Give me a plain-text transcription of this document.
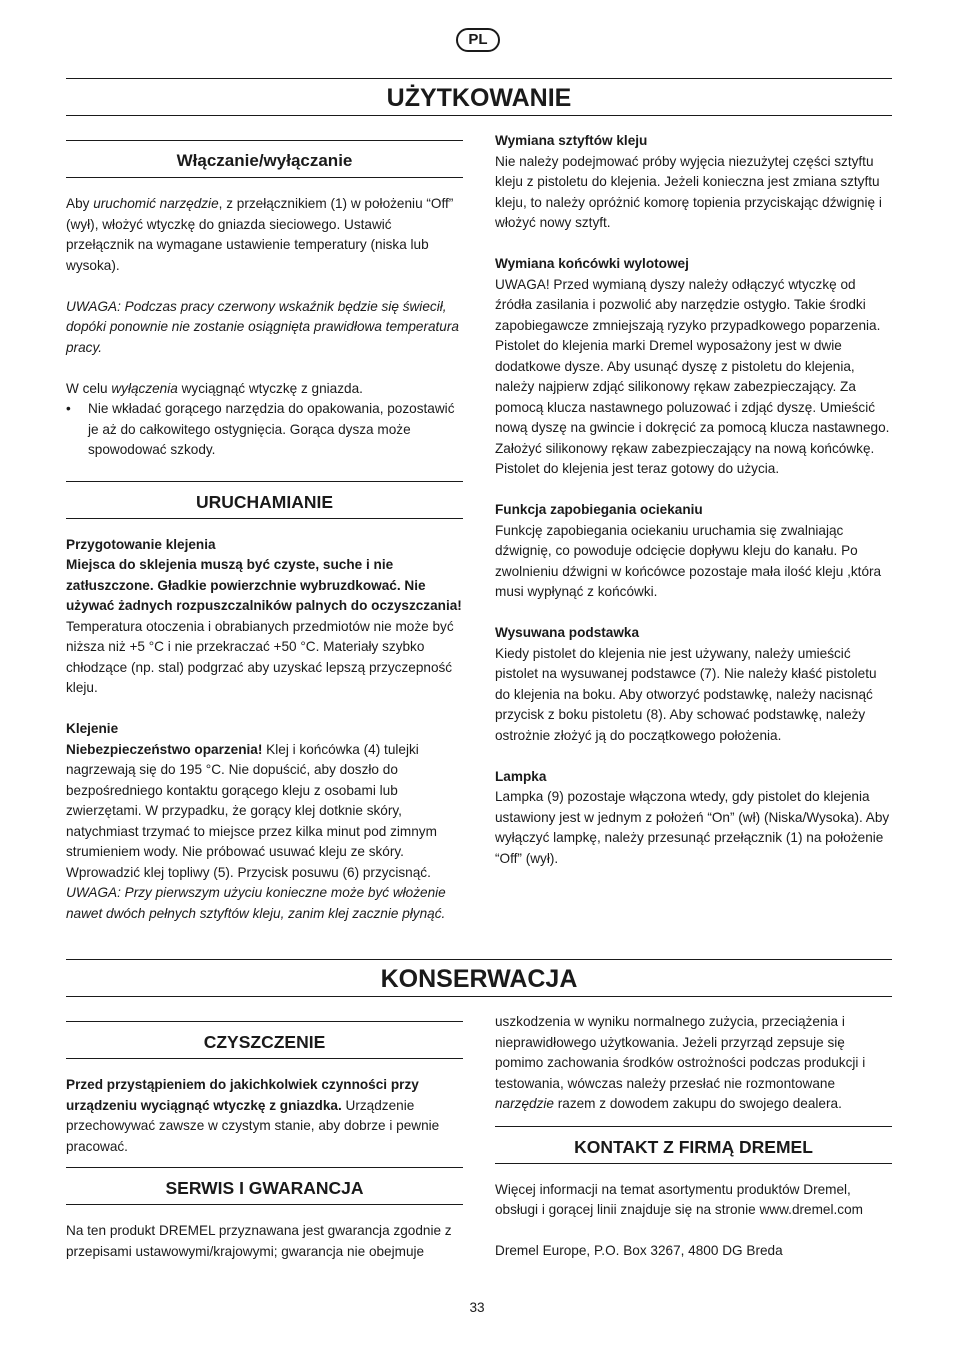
PL
UŻYTKOWANIE
Włączanie/wyłączanie

Aby uruchomić narzędzie, z przełącznikiem (1) w położeniu “Off” (wył), włożyć wtyczkę do gniazda sieciowego. Ustawić przełącznik na wymagane ustawienie temperatury (niska lub wysoka).

UWAGA: Podczas pracy czerwony wskaźnik będzie się świecił, dopóki ponownie nie zostanie osiągnięta prawidłowa temperatura pracy.

W celu wyłączenia wyciągnąć wtyczkę z gniazda.

• Nie wkładać gorącego narzędzia do opakowania, pozostawić je aż do całkowitego ostygnięcia. Gorąca dysza może spowodować szkody.

URUCHAMIANIE

Przygotowanie klejenia

Miejsca do sklejenia muszą być czyste, suche i nie zatłuszczone. Gładkie powierzchnie wybruzdkować. Nie używać żadnych rozpuszczalników palnych do oczyszczania! Temperatura otoczenia i obrabianych przedmiotów nie może być niższa niż +5 °C i nie przekraczać +50 °C. Materiały szybko chłodzące (np. stal) podgrzać aby uzyskać lepszą przyczepność kleju.

Klejenie

Niebezpieczeństwo oparzenia! Klej i końcówka (4) tulejki nagrzewają się do 195 °C. Nie dopuścić, aby doszło do bezpośredniego kontaktu gorącego kleju z osobami lub zwierzętami. W przypadku, że gorący klej dotknie skóry, natychmiast trzymać to miejsce przez kilka minut pod zimnym strumieniem wody. Nie próbować usuwać kleju ze skóry. Wprowadzić klej topliwy (5). Przycisk posuwu (6) przycisnąć.

UWAGA: Przy pierwszym użyciu konieczne może być włożenie nawet dwóch pełnych sztyftów kleju, zanim klej zacznie płynąć.

Wymiana sztyftów kleju

Nie należy podejmować próby wyjęcia niezużytej części sztyftu kleju z pistoletu do klejenia. Jeżeli konieczna jest zmiana sztyftu kleju, to należy opróżnić komorę topienia przyciskając dźwignię i włożyć nowy sztyft.

Wymiana końcówki wylotowej

UWAGA! Przed wymianą dyszy należy odłączyć wtyczkę od źródła zasilania i pozwolić aby narzędzie ostygło. Takie środki zapobiegawcze zmniejszają ryzyko przypadkowego poparzenia.

Pistolet do klejenia marki Dremel wyposażony jest w dwie dodatkowe dysze. Aby usunąć dyszę z pistoletu do klejenia, należy najpierw zdjąć silikonowy rękaw zabezpieczający. Za pomocą klucza nastawnego poluzować i zdjąć dyszę. Umieścić nową dyszę na gwincie i dokręcić za pomocą klucza nastawnego. Założyć silikonowy rękaw zabezpieczający na nową końcówkę. Pistolet do klejenia jest teraz gotowy do użycia.

Funkcja zapobiegania ociekaniu

Funkcję zapobiegania ociekaniu uruchamia się zwalniając dźwignię, co powoduje odcięcie dopływu kleju do kanału. Po zwolnieniu dźwigni w końcówce pozostaje mała ilość kleju ,która musi wypłynąć z końcówki.

Wysuwana podstawka

Kiedy pistolet do klejenia nie jest używany, należy umieścić pistolet na wysuwanej podstawce (7). Nie należy kłaść pistoletu do klejenia na boku. Aby otworzyć podstawkę, należy nacisnąć przycisk z boku pistoletu (8). Aby schować podstawkę, należy ostrożnie złożyć ją do początkowego położenia.

Lampka

Lampka (9) pozostaje włączona wtedy, gdy pistolet do klejenia ustawiony jest w jednym z położeń “On” (wł) (Niska/Wysoka). Aby wyłączyć lampkę, należy przesunąć przełącznik (1) na położenie “Off” (wył).

KONSERWACJA
CZYSZCZENIE

Przed przystąpieniem do jakichkolwiek czynności przy urządzeniu wyciągnąć wtyczkę z gniazdka. Urządzenie przechowywać zawsze w czystym stanie, aby dobrze i pewnie pracować.

SERWIS I GWARANCJA

Na ten produkt DREMEL przyznawana jest gwarancja zgodnie z przepisami ustawowymi/krajowymi; gwarancja nie obejmuje

uszkodzenia w wyniku normalnego zużycia, przeciążenia i nieprawidłowego użytkowania. Jeżeli przyrząd zepsuje się pomimo zachowania środków ostrożności podczas produkcji i testowania, wówczas należy przesłać nie rozmontowane narzędzie razem z dowodem zakupu do swojego dealera.

KONTAKT Z FIRMĄ DREMEL

Więcej informacji na temat asortymentu produktów Dremel, obsługi i gorącej linii znajduje się na stronie www.dremel.com

Dremel Europe, P.O. Box 3267, 4800 DG Breda

33
